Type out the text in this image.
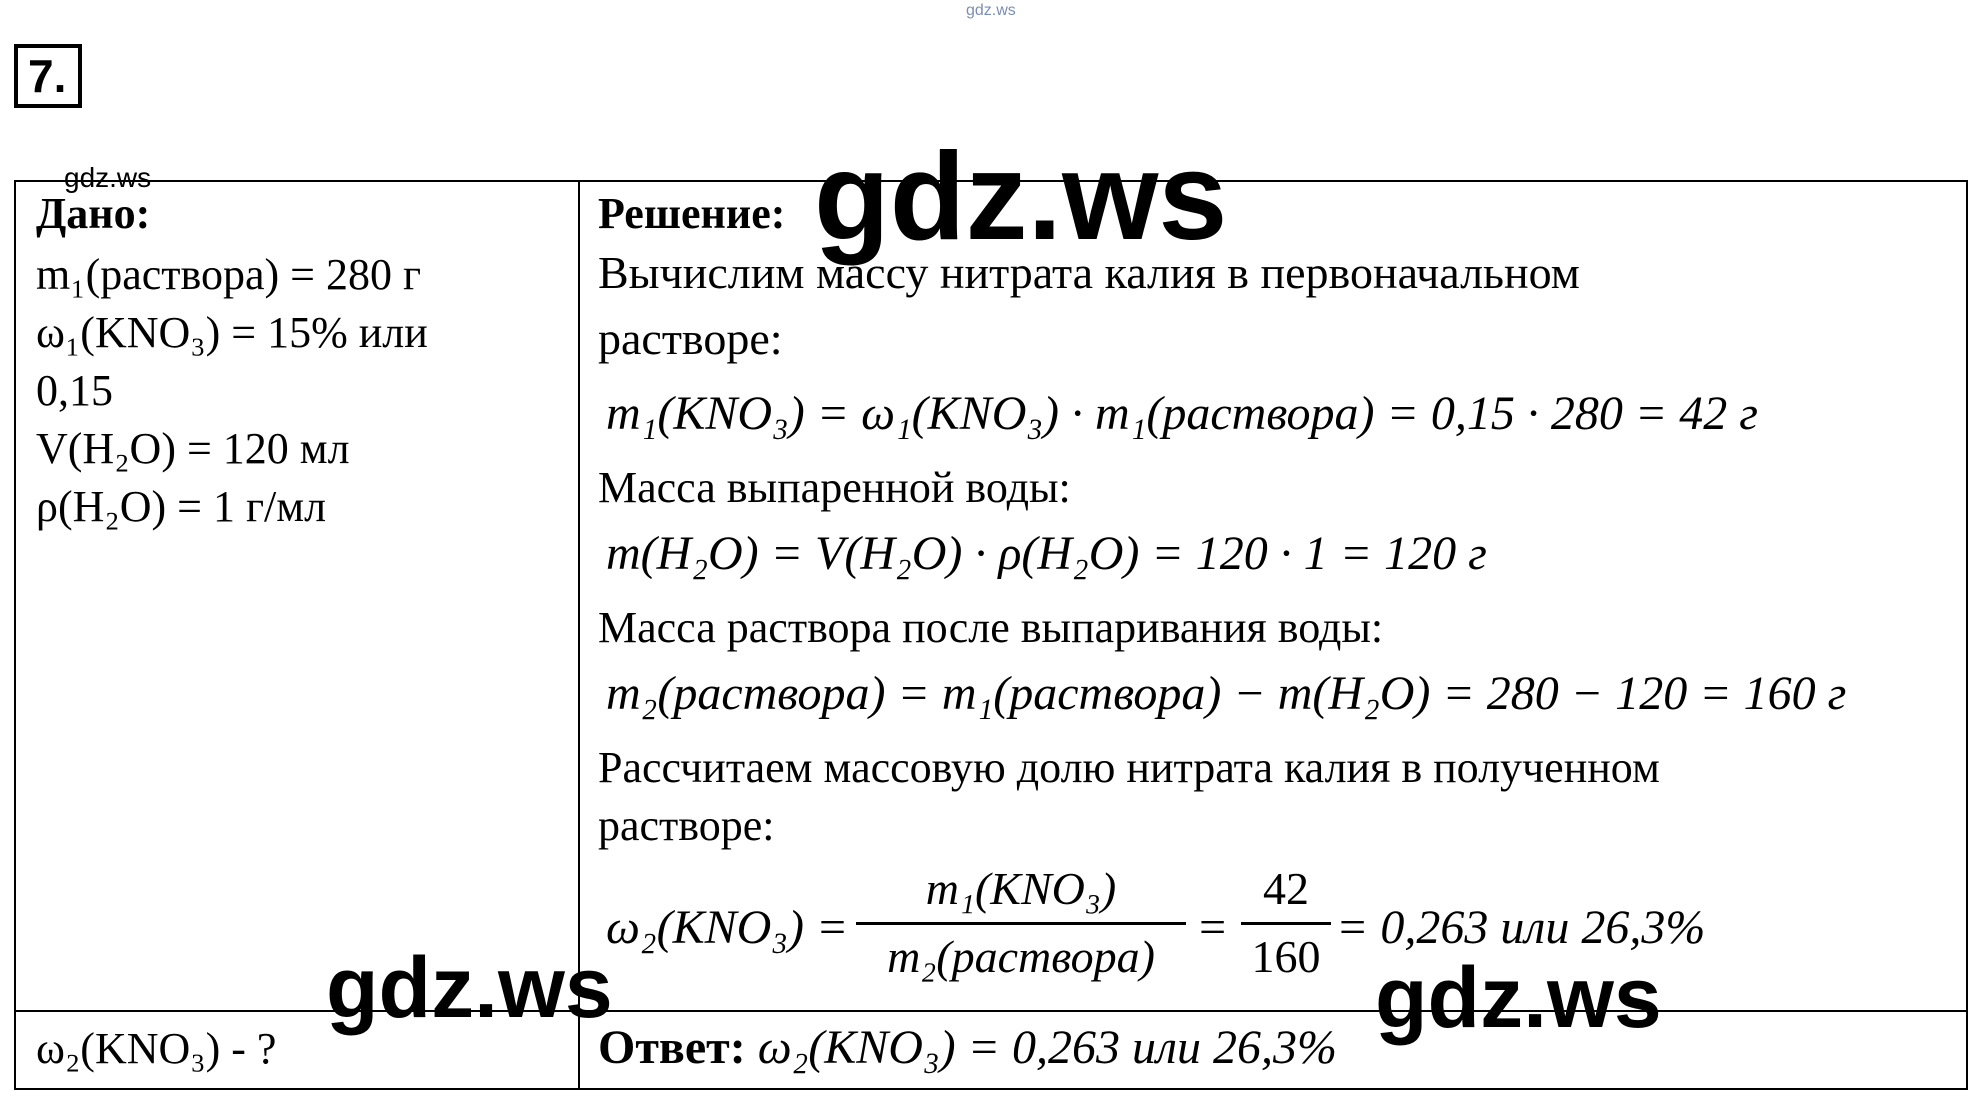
gdz.ws
7.
Дано:
m₁(раствора) = 280 г
ω₁(KNO₃) = 15% или
0,15
V(H₂O) = 120 мл
ρ(H₂O) = 1 г/мл
ω₂(KNO₃) - ?
Решение:
Вычислим массу нитрата калия в первоначальном
растворе:
m₁(KNO₃) = ω₁(KNO₃) · m₁(раствора) = 0,15 · 280 = 42 г
Масса выпаренной воды:
m(H₂O) = V(H₂O) · ρ(H₂O) = 120 · 1 = 120 г
Масса раствора после выпаривания воды:
m₂(раствора) = m₁(раствора) − m(H₂O) = 280 − 120 = 160 г
Рассчитаем массовую долю нитрата калия в полученном
растворе:
ω₂(KNO₃) =
m₁(KNO₃)
m₂(раствора)
=
42
160
= 0,263 или 26,3%
Ответ: ω₂(KNO₃) = 0,263 или 26,3%
gdz.ws	gdz.ws
gdz.ws	gdz.ws
